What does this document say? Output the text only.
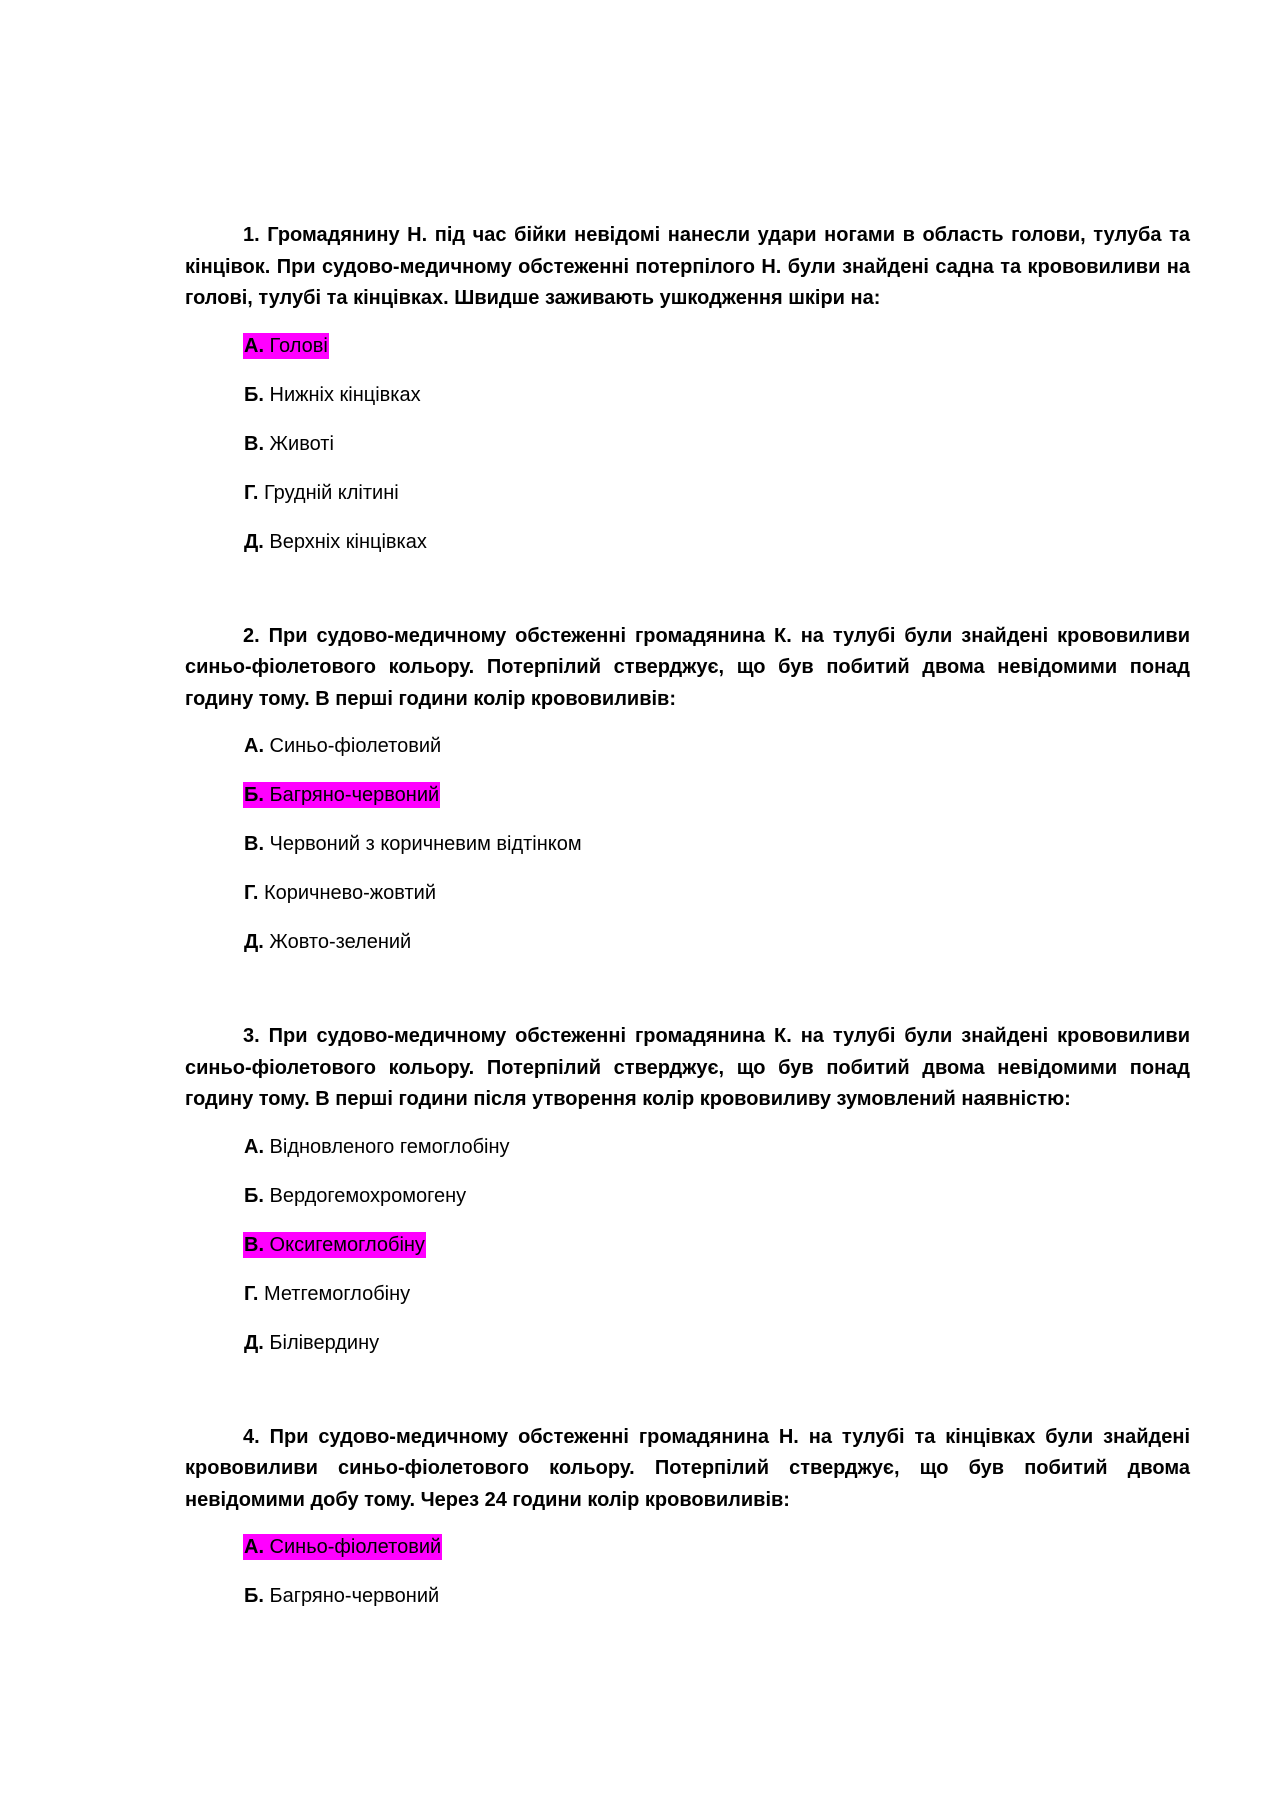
1. Громадянину Н. під час бійки невідомі нанесли удари ногами в область голови, тулуба та кінцівок. При судово-медичному обстеженні потерпілого Н. були знайдені садна та крововиливи на голові, тулубі та кінцівках. Швидше заживають ушкодження шкіри на:

А. Голові
Б. Нижніх кінцівках
В. Животі
Г. Грудній клітині
Д. Верхніх кінцівках

2. При судово-медичному обстеженні громадянина К. на тулубі були знайдені крововиливи синьо-фіолетового кольору. Потерпілий стверджує, що був побитий двома невідомими понад годину тому. В перші години колір крововиливів:

А. Синьо-фіолетовий
Б. Багряно-червоний
В. Червоний з коричневим відтінком
Г. Коричнево-жовтий
Д. Жовто-зелений

3. При судово-медичному обстеженні громадянина К. на тулубі були знайдені крововиливи синьо-фіолетового кольору. Потерпілий стверджує, що був побитий двома невідомими понад годину тому. В перші години після утворення колір крововиливу зумовлений наявністю:

А. Відновленого гемоглобіну
Б. Вердогемохромогену
В. Оксигемоглобіну
Г. Метгемоглобіну
Д. Білівердину

4. При судово-медичному обстеженні громадянина Н. на тулубі та кінцівках були знайдені крововиливи синьо-фіолетового кольору. Потерпілий стверджує, що був побитий двома невідомими добу тому. Через 24 години колір крововиливів:

А. Синьо-фіолетовий
Б. Багряно-червоний
